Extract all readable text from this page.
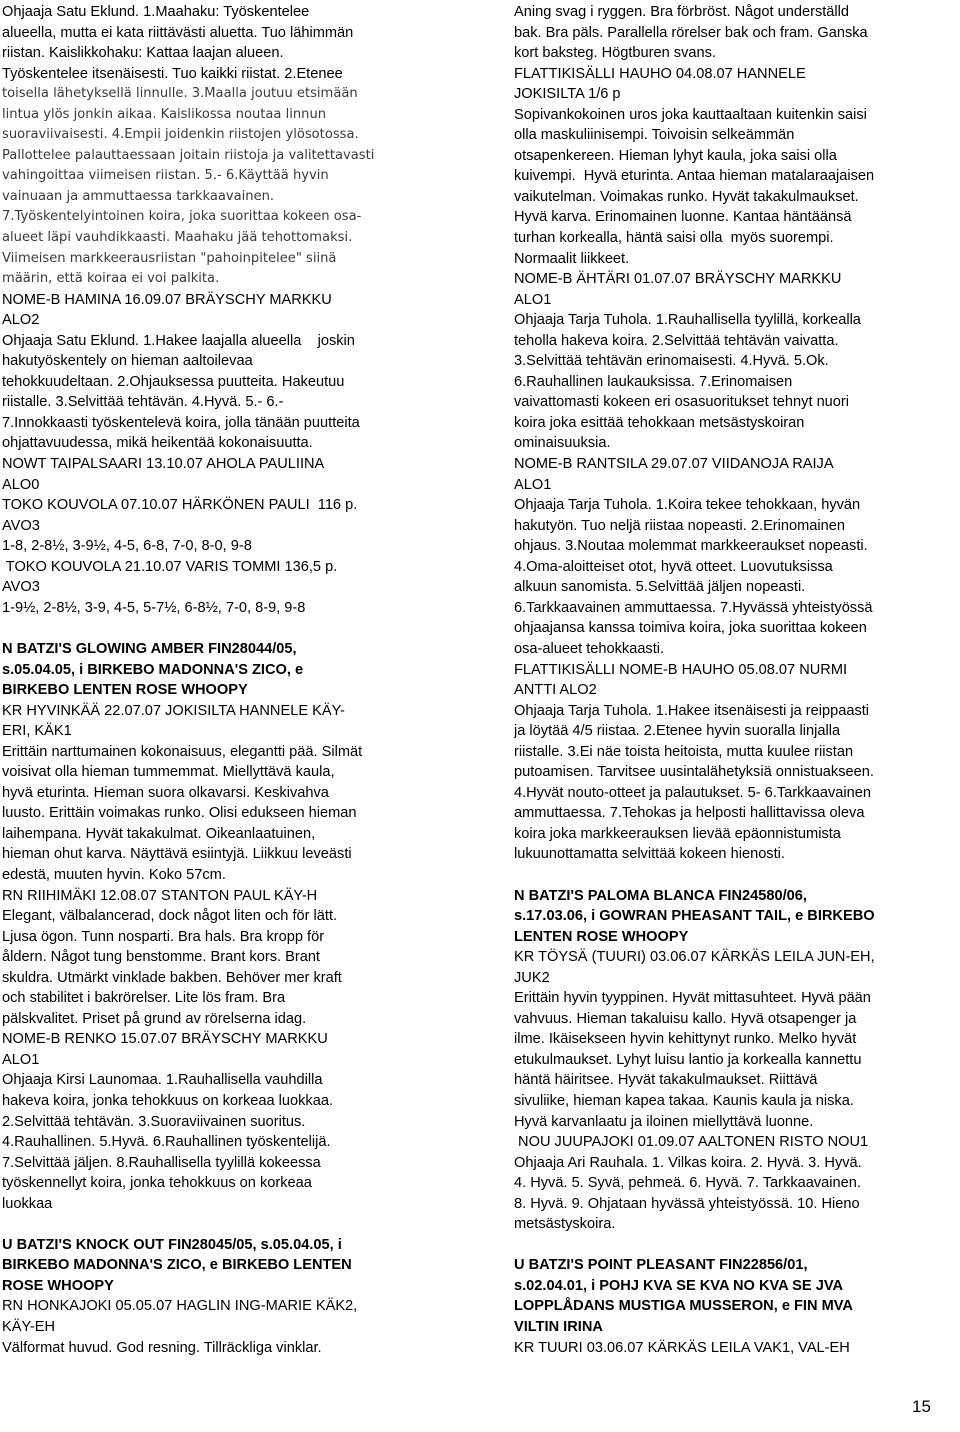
Ohjaaja Satu Eklund. 1.Maahaku: Työskentelee
alueella, mutta ei kata riittävästi aluetta. Tuo lähimmän
riistan. Kaislikkohaku: Kattaa laajan alueen.
Työskentelee itsenäisesti. Tuo kaikki riistat. 2.Etenee
toisella lähetyksellä linnulle. 3.Maalla joutuu etsimään
lintua ylös jonkin aikaa. Kaislikossa noutaa linnun
suoraviivaisesti. 4.Empii joidenkin riistojen ylösotossa.
Pallottelee palauttaessaan joitain riistoja ja valitettavasti
vahingoittaa viimeisen riistan. 5.- 6.Käyttää hyvin
vainuaan ja ammuttaessa tarkkaavainen.
7.Työskentelyintoinen koira, joka suorittaa kokeen osa-
alueet läpi vauhdikkaasti. Maahaku jää tehottomaksi.
Viimeisen markkeerausriistan "pahoinpitelee" siinä
määrin, että koiraa ei voi palkita.
NOME-B HAMINA 16.09.07 BRÄYSCHY MARKKU
ALO2
Ohjaaja Satu Eklund. 1.Hakee laajalla alueella    joskin
hakutyöskentely on hieman aaltoilevaa
tehokkuudeltaan. 2.Ohjauksessa puutteita. Hakeutuu
riistalle. 3.Selvittää tehtävän. 4.Hyvä. 5.- 6.-
7.Innokkaasti työskentelevä koira, jolla tänään puutteita
ohjattavuudessa, mikä heikentää kokonaisuutta.
NOWT TAIPALSAARI 13.10.07 AHOLA PAULIINA
ALO0
TOKO KOUVOLA 07.10.07 HÄRKÖNEN PAULI  116 p.
AVO3
1-8, 2-8½, 3-9½, 4-5, 6-8, 7-0, 8-0, 9-8
TOKO KOUVOLA 21.10.07 VARIS TOMMI 136,5 p.
AVO3
1-9½, 2-8½, 3-9, 4-5, 5-7½, 6-8½, 7-0, 8-9, 9-8
N BATZI'S GLOWING AMBER FIN28044/05,
s.05.04.05, i BIRKEBO MADONNA'S ZICO, e
BIRKEBO LENTEN ROSE WHOOPY
KR HYVINKÄÄ 22.07.07 JOKISILTA HANNELE KÄY-
ERI, KÄK1
Erittäin narttumainen kokonaisuus, elegantti pää. Silmät
voisivat olla hieman tummemmat. Miellyttävä kaula,
hyvä eturinta. Hieman suora olkavarsi. Keskivahva
luusto. Erittäin voimakas runko. Olisi edukseen hieman
laihempana. Hyvät takakulmat. Oikeanlaatuinen,
hieman ohut karva. Näyttävä esiintyjä. Liikkuu leveästi
edestä, muuten hyvin. Koko 57cm.
RN RIIHIMÄKI 12.08.07 STANTON PAUL KÄY-H
Elegant, välbalancerad, dock något liten och för lätt.
Ljusa ögon. Tunn nosparti. Bra hals. Bra kropp för
åldern. Något tung benstomme. Brant kors. Brant
skuldra. Utmärkt vinklade bakben. Behöver mer kraft
och stabilitet i bakrörelser. Lite lös fram. Bra
pälskvalitet. Priset på grund av rörelserna idag.
NOME-B RENKO 15.07.07 BRÄYSCHY MARKKU
ALO1
Ohjaaja Kirsi Launomaa. 1.Rauhallisella vauhdilla
hakeva koira, jonka tehokkuus on korkeaa luokkaa.
2.Selvittää tehtävän. 3.Suoraviivainen suoritus.
4.Rauhallinen. 5.Hyvä. 6.Rauhallinen työskentelijä.
7.Selvittää jäljen. 8.Rauhallisella tyylillä kokeessa
työskennellyt koira, jonka tehokkuus on korkeaa
luokkaa
U BATZI'S KNOCK OUT FIN28045/05, s.05.04.05, i
BIRKEBO MADONNA'S ZICO, e BIRKEBO LENTEN
ROSE WHOOPY
RN HONKAJOKI 05.05.07 HAGLIN ING-MARIE KÄK2,
KÄY-EH
Välformat huvud. God resning. Tillräckliga vinklar.
Aning svag i ryggen. Bra förbröst. Något underställd
bak. Bra päls. Parallella rörelser bak och fram. Ganska
kort baksteg. Högtburen svans.
FLATTIKISÄLLI HAUHO 04.08.07 HANNELE
JOKISILTA 1/6 p
Sopivankokoinen uros joka kauttaaltaan kuitenkin saisi
olla maskuliinisempi. Toivoisin selkeämmän
otsapenkereen. Hieman lyhyt kaula, joka saisi olla
kuivempi.  Hyvä eturinta. Antaa hieman matalaraajaisen
vaikutelman. Voimakas runko. Hyvät takakulmaukset.
Hyvä karva. Erinomainen luonne. Kantaa häntäänsä
turhan korkealla, häntä saisi olla  myös suorempi.
Normaalit liikkeet.
NOME-B ÄHTÄRI 01.07.07 BRÄYSCHY MARKKU
ALO1
Ohjaaja Tarja Tuhola. 1.Rauhallisella tyylillä, korkealla
teholla hakeva koira. 2.Selvittää tehtävän vaivatta.
3.Selvittää tehtävän erinomaisesti. 4.Hyvä. 5.Ok.
6.Rauhallinen laukauksissa. 7.Erinomaisen
vaivattomasti kokeen eri osasuoritukset tehnyt nuori
koira joka esittää tehokkaan metsästyskoiran
ominaisuuksia.
NOME-B RANTSILA 29.07.07 VIIDANOJA RAIJA
ALO1
Ohjaaja Tarja Tuhola. 1.Koira tekee tehokkaan, hyvän
hakutyön. Tuo neljä riistaa nopeasti. 2.Erinomainen
ohjaus. 3.Noutaa molemmat markkeeraukset nopeasti.
4.Oma-aloitteiset otot, hyvä otteet. Luovutuksissa
alkuun sanomista. 5.Selvittää jäljen nopeasti.
6.Tarkkaavainen ammuttaessa. 7.Hyvässä yhteistyössä
ohjaajansa kanssa toimiva koira, joka suorittaa kokeen
osa-alueet tehokkaasti.
FLATTIKISÄLLI NOME-B HAUHO 05.08.07 NURMI
ANTTI ALO2
Ohjaaja Tarja Tuhola. 1.Hakee itsenäisesti ja reippaasti
ja löytää 4/5 riistaa. 2.Etenee hyvin suoralla linjalla
riistalle. 3.Ei näe toista heitoista, mutta kuulee riistan
putoamisen. Tarvitsee uusintalähetyksiä onnistuakseen.
4.Hyvät nouto-otteet ja palautukset. 5- 6.Tarkkaavainen
ammuttaessa. 7.Tehokas ja helposti hallittavissa oleva
koira joka markkeerauksen lievää epäonnistumista
lukuunottamatta selvittää kokeen hienosti.
N BATZI'S PALOMA BLANCA FIN24580/06,
s.17.03.06, i GOWRAN PHEASANT TAIL, e BIRKEBO
LENTEN ROSE WHOOPY
KR TÖYSÄ (TUURI) 03.06.07 KÄRKÄS LEILA JUN-EH,
JUK2
Erittäin hyvin tyyppinen. Hyvät mittasuhteet. Hyvä pään
vahvuus. Hieman takaluisu kallo. Hyvä otsapenger ja
ilme. Ikäisekseen hyvin kehittynyt runko. Melko hyvät
etukulmaukset. Lyhyt luisu lantio ja korkealla kannettu
häntä häiritsee. Hyvät takakulmaukset. Riittävä
sivuliike, hieman kapea takaa. Kaunis kaula ja niska.
Hyvä karvanlaatu ja iloinen miellyttävä luonne.
NOU JUUPAJOKI 01.09.07 AALTONEN RISTO NOU1
Ohjaaja Ari Rauhala. 1. Vilkas koira. 2. Hyvä. 3. Hyvä.
4. Hyvä. 5. Syvä, pehmeä. 6. Hyvä. 7. Tarkkaavainen.
8. Hyvä. 9. Ohjataan hyvässä yhteistyössä. 10. Hieno
metsästyskoira.
U BATZI'S POINT PLEASANT FIN22856/01,
s.02.04.01, i POHJ KVA SE KVA NO KVA SE JVA
LOPPLÅDANS MUSTIGA MUSSERON, e FIN MVA
VILTIN IRINA
KR TUURI 03.06.07 KÄRKÄS LEILA VAK1, VAL-EH
15
